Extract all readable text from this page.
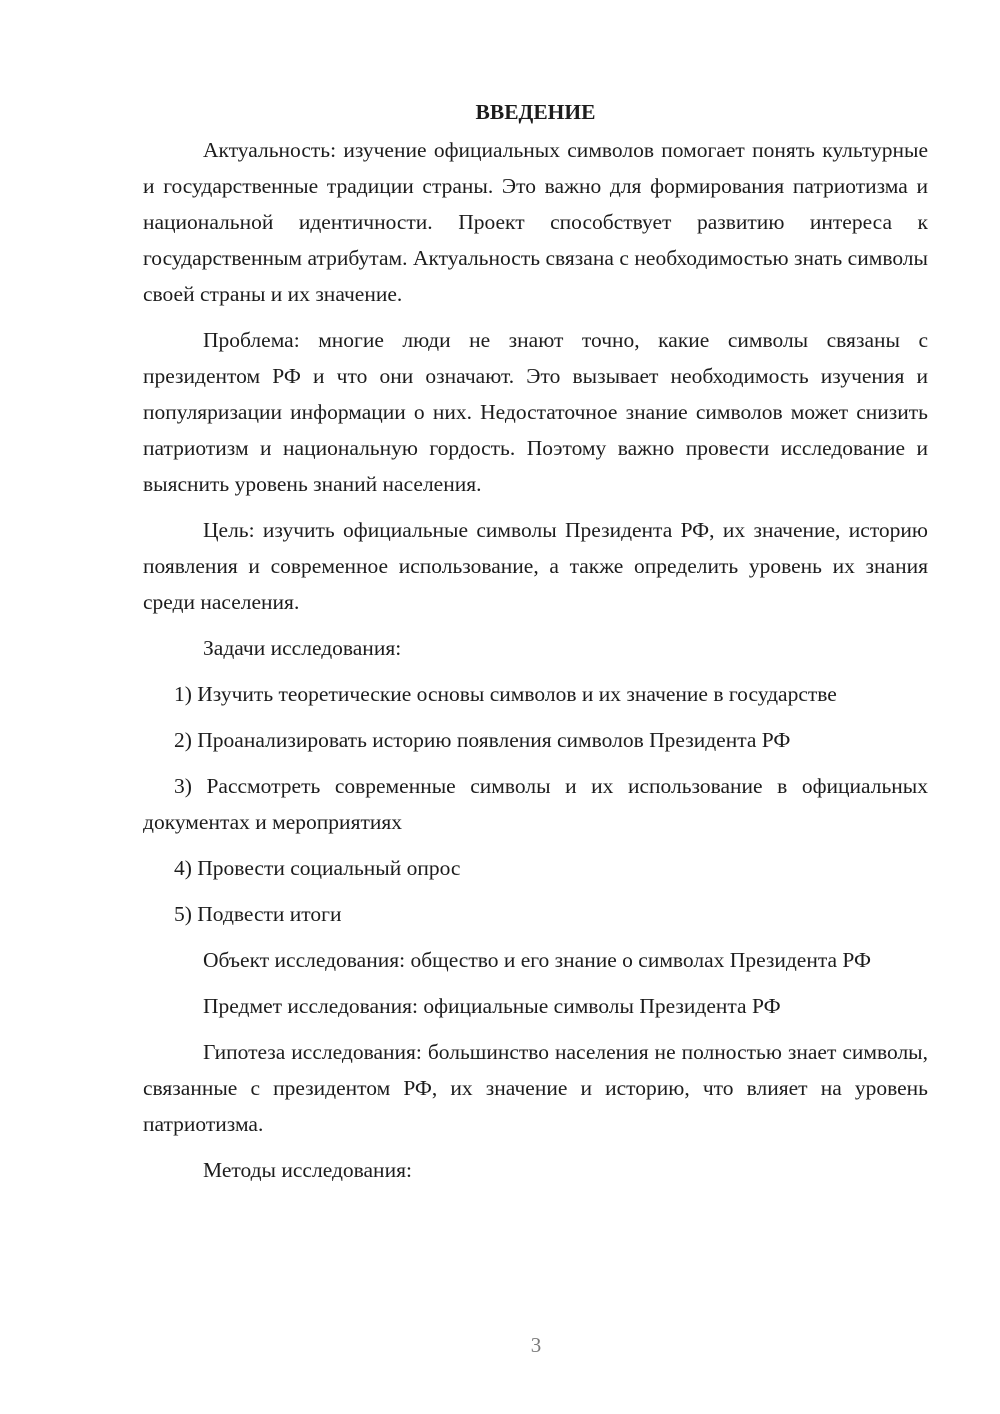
ВВЕДЕНИЕ

Актуальность: изучение официальных символов помогает понять культурные и государственные традиции страны. Это важно для формирования патриотизма и национальной идентичности. Проект способствует развитию интереса к государственным атрибутам. Актуальность связана с необходимостью знать символы своей страны и их значение.

Проблема: многие люди не знают точно, какие символы связаны с президентом РФ и что они означают. Это вызывает необходимость изучения и популяризации информации о них. Недостаточное знание символов может снизить патриотизм и национальную гордость. Поэтому важно провести исследование и выяснить уровень знаний населения.

Цель: изучить официальные символы Президента РФ, их значение, историю появления и современное использование, а также определить уровень их знания среди населения.

Задачи исследования:

1) Изучить теоретические основы символов и их значение в государстве

2) Проанализировать историю появления символов Президента РФ

3) Рассмотреть современные символы и их использование в официальных документах и мероприятиях

4) Провести социальный опрос

5) Подвести итоги

Объект исследования: общество и его знание о символах Президента РФ

Предмет исследования: официальные символы Президента РФ

Гипотеза исследования: большинство населения не полностью знает символы, связанные с президентом РФ, их значение и историю, что влияет на уровень патриотизма.

Методы исследования:

3
